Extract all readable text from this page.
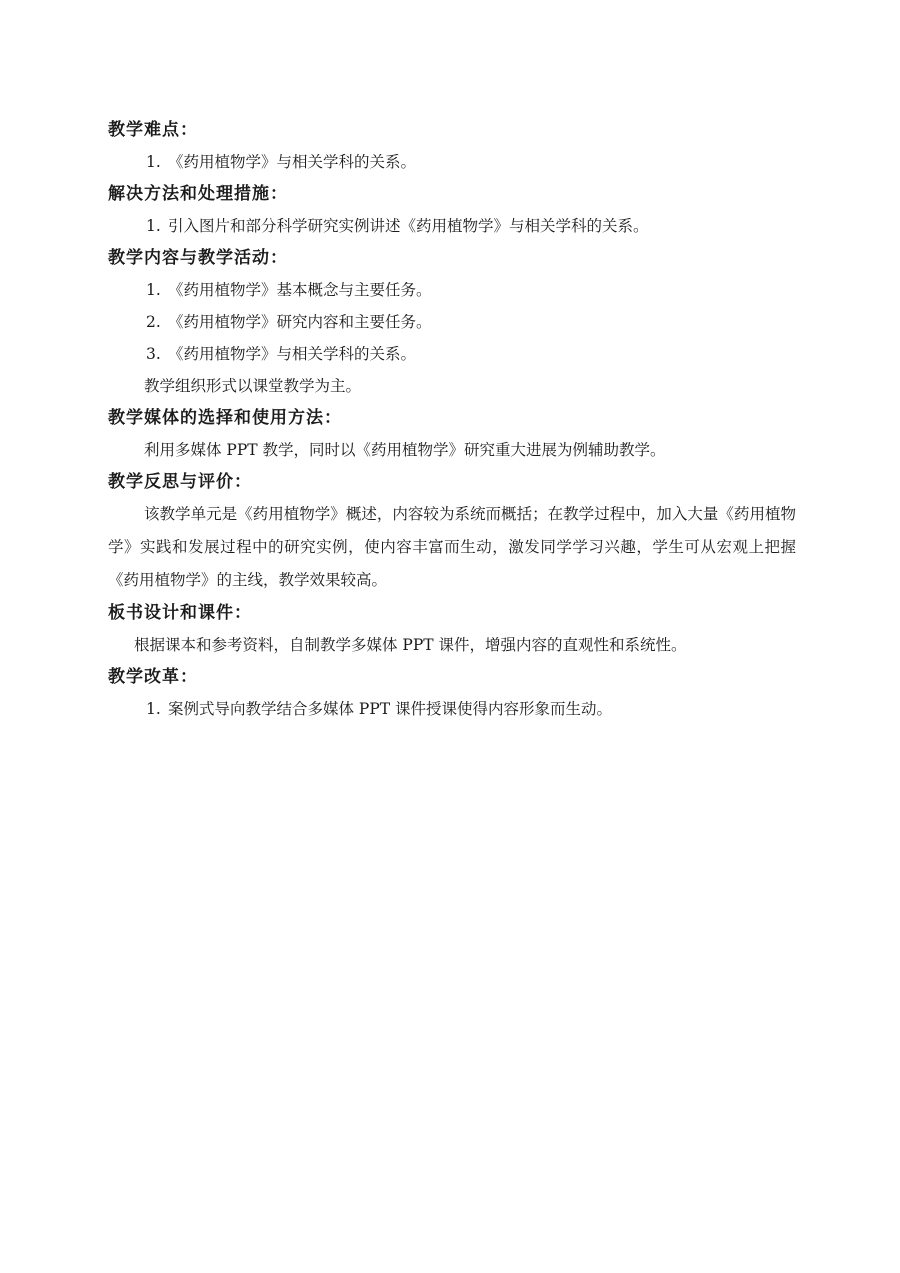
教学难点：

1. 《药用植物学》与相关学科的关系。

解决方法和处理措施：

1. 引入图片和部分科学研究实例讲述《药用植物学》与相关学科的关系。

教学内容与教学活动：

1. 《药用植物学》基本概念与主要任务。

2. 《药用植物学》研究内容和主要任务。

3. 《药用植物学》与相关学科的关系。

教学组织形式以课堂教学为主。

教学媒体的选择和使用方法：

利用多媒体 PPT 教学，同时以《药用植物学》研究重大进展为例辅助教学。

教学反思与评价：

该教学单元是《药用植物学》概述，内容较为系统而概括；在教学过程中，加入大量《药用植物学》实践和发展过程中的研究实例，使内容丰富而生动，激发同学学习兴趣，学生可从宏观上把握《药用植物学》的主线，教学效果较高。

板书设计和课件：

根据课本和参考资料，自制教学多媒体 PPT 课件，增强内容的直观性和系统性。

教学改革：

1. 案例式导向教学结合多媒体 PPT 课件授课使得内容形象而生动。
